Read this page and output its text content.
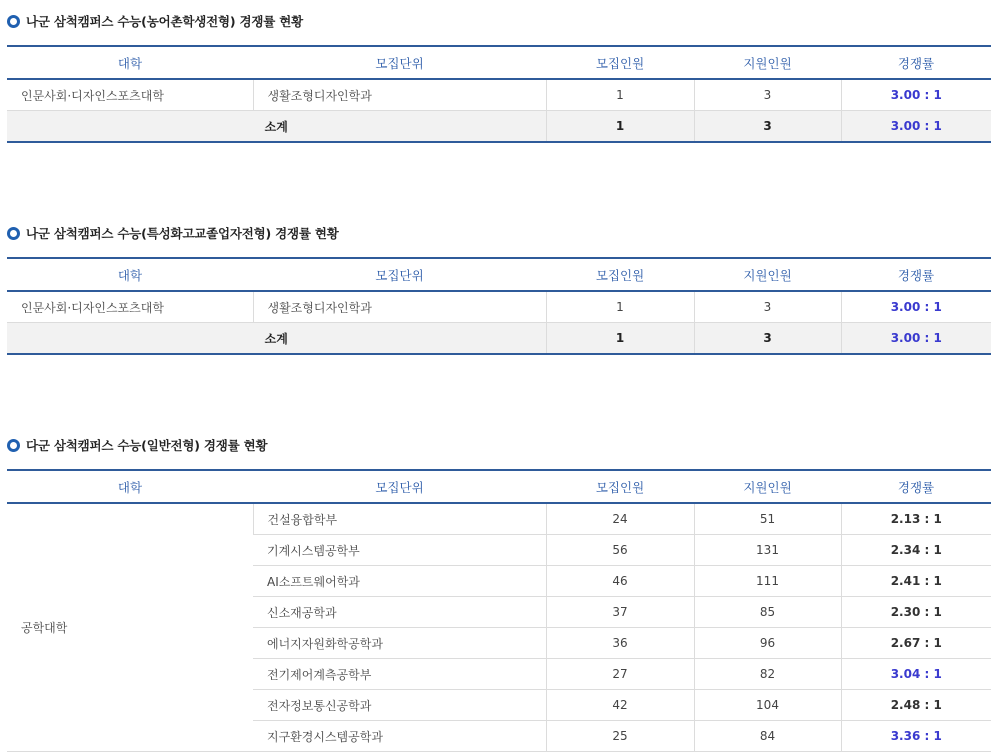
나군 삼척캠퍼스 수능(농어촌학생전형) 경쟁률 현황
대학	모집단위	모집인원	지원인원	경쟁률
인문사회·디자인스포츠대학	생활조형디자인학과	1	3	3.00 : 1
소계		1	3	3.00 : 1
나군 삼척캠퍼스 수능(특성화고교졸업자전형) 경쟁률 현황
대학	모집단위	모집인원	지원인원	경쟁률
인문사회·디자인스포츠대학	생활조형디자인학과	1	3	3.00 : 1
소계		1	3	3.00 : 1
다군 삼척캠퍼스 수능(일반전형) 경쟁률 현황
대학	모집단위	모집인원	지원인원	경쟁률
공학대학	건설융합학부	24	51	2.13 : 1
	기계시스템공학부	56	131	2.34 : 1
	AI소프트웨어학과	46	111	2.41 : 1
	신소재공학과	37	85	2.30 : 1
	에너지자원화학공학과	36	96	2.67 : 1
	전기제어계측공학부	27	82	3.04 : 1
	전자정보통신공학과	42	104	2.48 : 1
	지구환경시스템공학과	25	84	3.36 : 1
